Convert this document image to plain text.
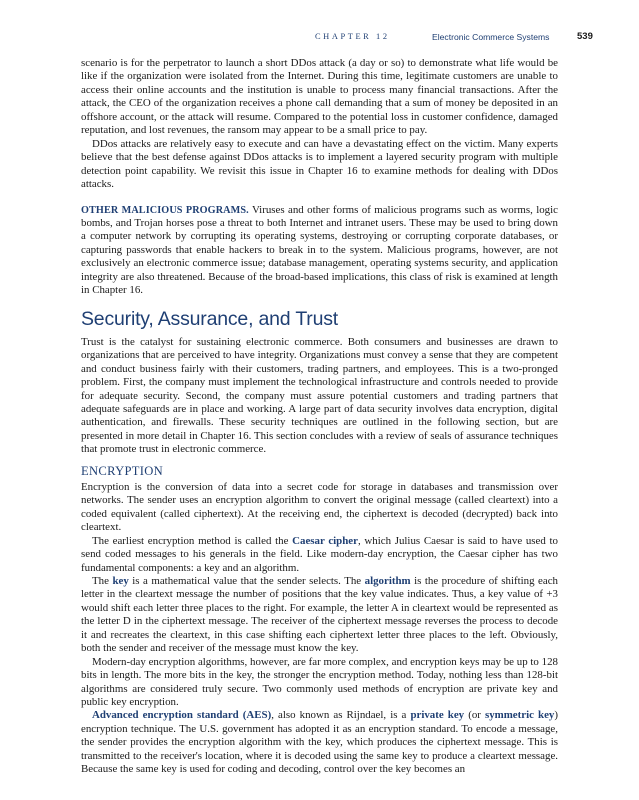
CHAPTER 12	Electronic Commerce Systems	539

scenario is for the perpetrator to launch a short DDos attack (a day or so) to demonstrate what life would be like if the organization were isolated from the Internet. During this time, legitimate customers are unable to access their online accounts and the institution is unable to process many financial transactions. After the attack, the CEO of the organization receives a phone call demanding that a sum of money be deposited in an offshore account, or the attack will resume. Compared to the potential loss in customer confidence, damaged reputation, and lost revenues, the ransom may appear to be a small price to pay.

DDos attacks are relatively easy to execute and can have a devastating effect on the victim. Many experts believe that the best defense against DDos attacks is to implement a layered security program with multiple detection point capability. We revisit this issue in Chapter 16 to examine methods for dealing with DDos attacks.

OTHER MALICIOUS PROGRAMS. Viruses and other forms of malicious programs such as worms, logic bombs, and Trojan horses pose a threat to both Internet and intranet users. These may be used to bring down a computer network by corrupting its operating systems, destroying or corrupting corporate databases, or capturing passwords that enable hackers to break in to the system. Malicious programs, however, are not exclusively an electronic commerce issue; database management, operating systems security, and application integrity are also threatened. Because of the broad-based implications, this class of risk is examined at length in Chapter 16.

Security, Assurance, and Trust

Trust is the catalyst for sustaining electronic commerce. Both consumers and businesses are drawn to organizations that are perceived to have integrity. Organizations must convey a sense that they are competent and conduct business fairly with their customers, trading partners, and employees. This is a two-pronged problem. First, the company must implement the technological infrastructure and controls needed to provide for adequate security. Second, the company must assure potential customers and trading partners that adequate safeguards are in place and working. A large part of data security involves data encryption, digital authentication, and firewalls. These security techniques are outlined in the following section, but are presented in more detail in Chapter 16. This section concludes with a review of seals of assurance techniques that promote trust in electronic commerce.

ENCRYPTION

Encryption is the conversion of data into a secret code for storage in databases and transmission over networks. The sender uses an encryption algorithm to convert the original message (called cleartext) into a coded equivalent (called ciphertext). At the receiving end, the ciphertext is decoded (decrypted) back into cleartext.

The earliest encryption method is called the Caesar cipher, which Julius Caesar is said to have used to send coded messages to his generals in the field. Like modern-day encryption, the Caesar cipher has two fundamental components: a key and an algorithm.

The key is a mathematical value that the sender selects. The algorithm is the procedure of shifting each letter in the cleartext message the number of positions that the key value indicates. Thus, a key value of +3 would shift each letter three places to the right. For example, the letter A in cleartext would be represented as the letter D in the ciphertext message. The receiver of the ciphertext message reverses the process to decode it and recreates the cleartext, in this case shifting each ciphertext letter three places to the left. Obviously, both the sender and receiver of the message must know the key.

Modern-day encryption algorithms, however, are far more complex, and encryption keys may be up to 128 bits in length. The more bits in the key, the stronger the encryption method. Today, nothing less than 128-bit algorithms are considered truly secure. Two commonly used methods of encryption are private key and public key encryption.

Advanced encryption standard (AES), also known as Rijndael, is a private key (or symmetric key) encryption technique. The U.S. government has adopted it as an encryption standard. To encode a message, the sender provides the encryption algorithm with the key, which produces the ciphertext message. This is transmitted to the receiver's location, where it is decoded using the same key to produce a cleartext message. Because the same key is used for coding and decoding, control over the key becomes an
